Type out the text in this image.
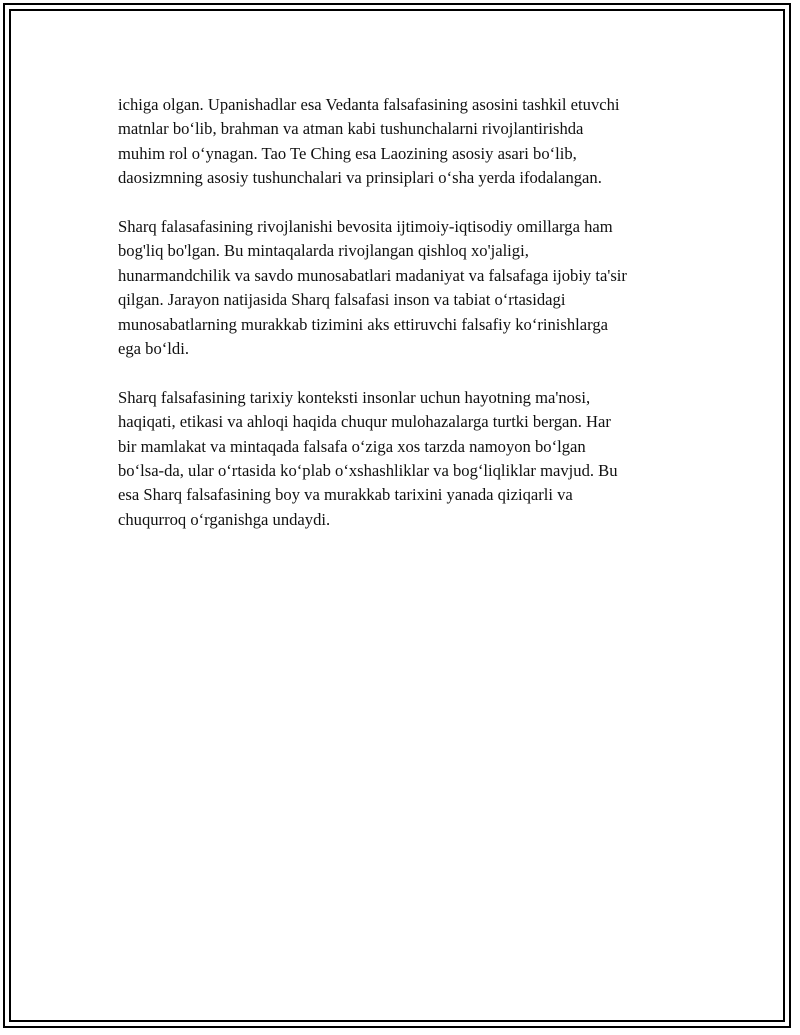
ichiga olgan. Upanishadlar esa Vedanta falsafasining asosini tashkil etuvchi
matnlar bo‘lib, brahman va atman kabi tushunchalarni rivojlantirishda
muhim rol o‘ynagan. Tao Te Ching esa Laozining asosiy asari bo‘lib,
daosizmning asosiy tushunchalari va prinsiplari o‘sha yerda ifodalangan.

Sharq falasafasining rivojlanishi bevosita ijtimoiy-iqtisodiy omillarga ham
bog'liq bo'lgan. Bu mintaqalarda rivojlangan qishloq xo'jaligi,
hunarmandchilik va savdo munosabatlari madaniyat va falsafaga ijobiy ta'sir
qilgan. Jarayon natijasida Sharq falsafasi inson va tabiat o‘rtasidagi
munosabatlarning murakkab tizimini aks ettiruvchi falsafiy ko‘rinishlarga
ega bo‘ldi.

Sharq falsafasining tarixiy konteksti insonlar uchun hayotning ma'nosi,
haqiqati, etikasi va ahloqi haqida chuqur mulohazalarga turtki bergan. Har
bir mamlakat va mintaqada falsafa o‘ziga xos tarzda namoyon bo‘lgan
bo‘lsa-da, ular o‘rtasida ko‘plab o‘xshashliklar va bog‘liqliklar mavjud. Bu
esa Sharq falsafasining boy va murakkab tarixini yanada qiziqarli va
chuqurroq o‘rganishga undaydi.
